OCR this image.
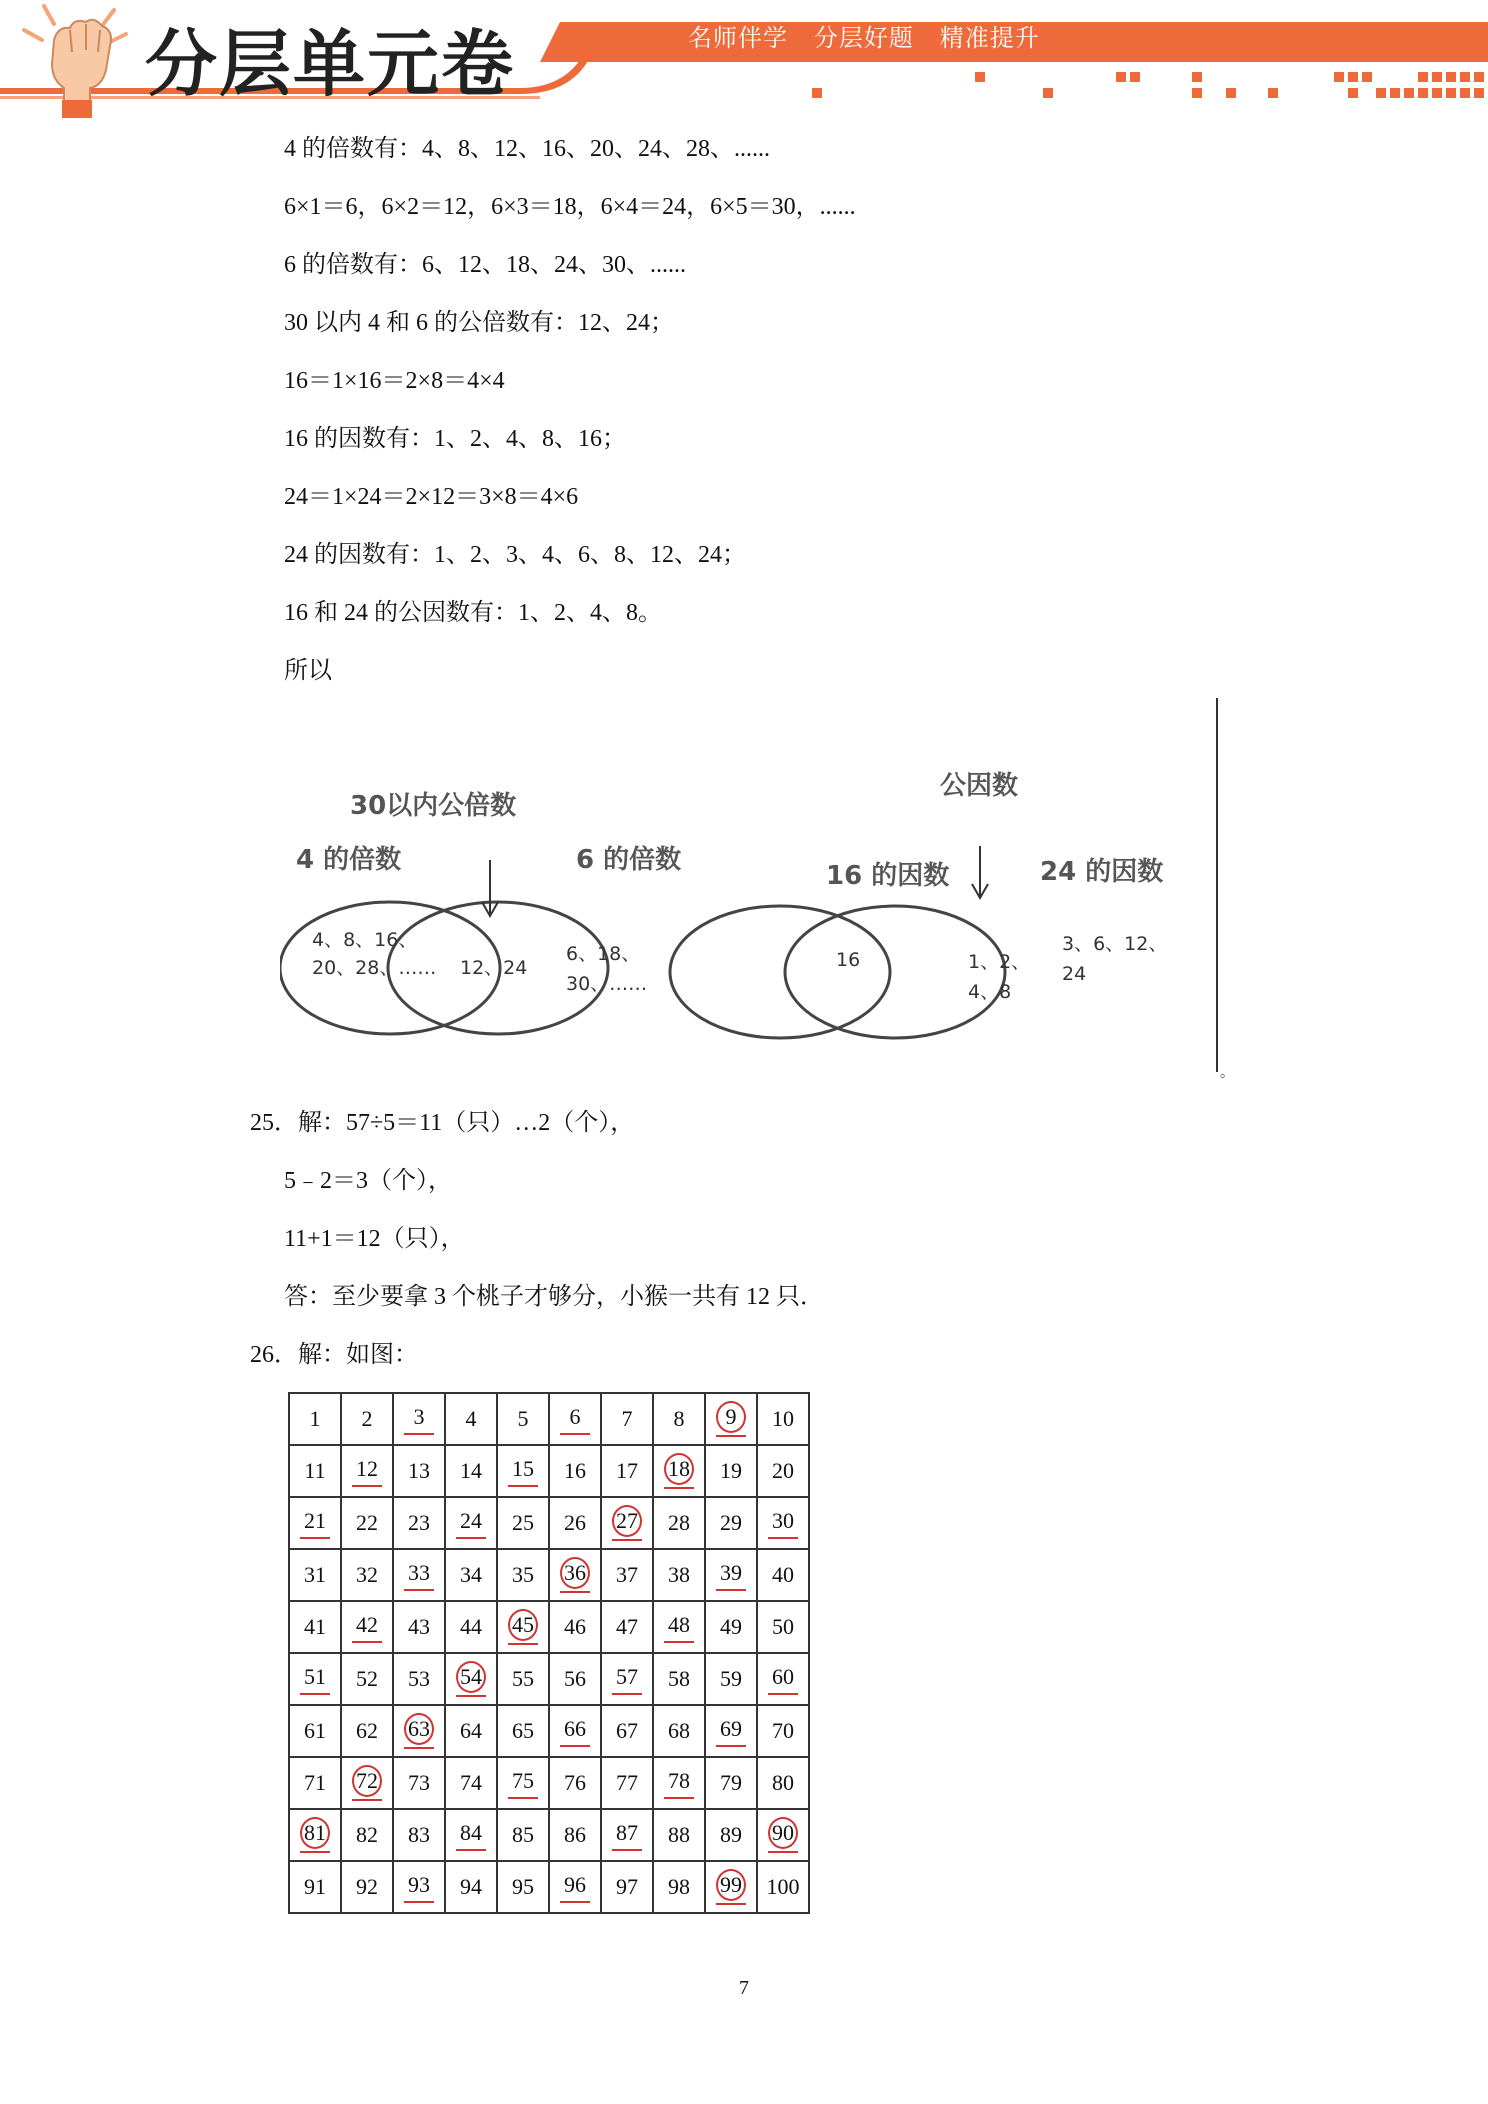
分层单元卷	名师伴学   分层好题   精准提升
4 的倍数有：4、8、12、16、20、24、28、......
6×1＝6，6×2＝12，6×3＝18，6×4＝24，6×5＝30，......
6 的倍数有：6、12、18、24、30、......
30 以内 4 和 6 的公倍数有：12、24；
16＝1×16＝2×8＝4×4
16 的因数有：1、2、4、8、16；
24＝1×24＝2×12＝3×8＝4×6
24 的因数有：1、2、3、4、6、8、12、24；
16 和 24 的公因数有：1、2、4、8。
所以
30以内公倍数
4 的倍数	6 的倍数
4、8、16、
20、28、…… 12、24
6、18、
30、……
公因数
16 的因数	24 的因数
16	1、2、
4、8
3、6、12、
24
。
25．解：57÷5＝11（只）…2（个），
5﹣2＝3（个），
11+1＝12（只），
答：至少要拿 3 个桃子才够分，小猴一共有 12 只．
26．解：如图：
1	2	3	4	5	6	7	8	9	10
11	12	13	14	15	16	17	18	19	20
21	22	23	24	25	26	27	28	29	30

31	32	33	34	35	36	37	38	39	40
41	42	43	44	45	46	47	48	49	50
51	52	53	54	55	56	57	58	59	60

61	62	63	64	65	66	67	68	69	70
71	72	73	74	75	76	77	78	79	80
81	82	83	84	85	86	87	88	89	90

91	92	93	94	95	96	97	98	99	100
7
